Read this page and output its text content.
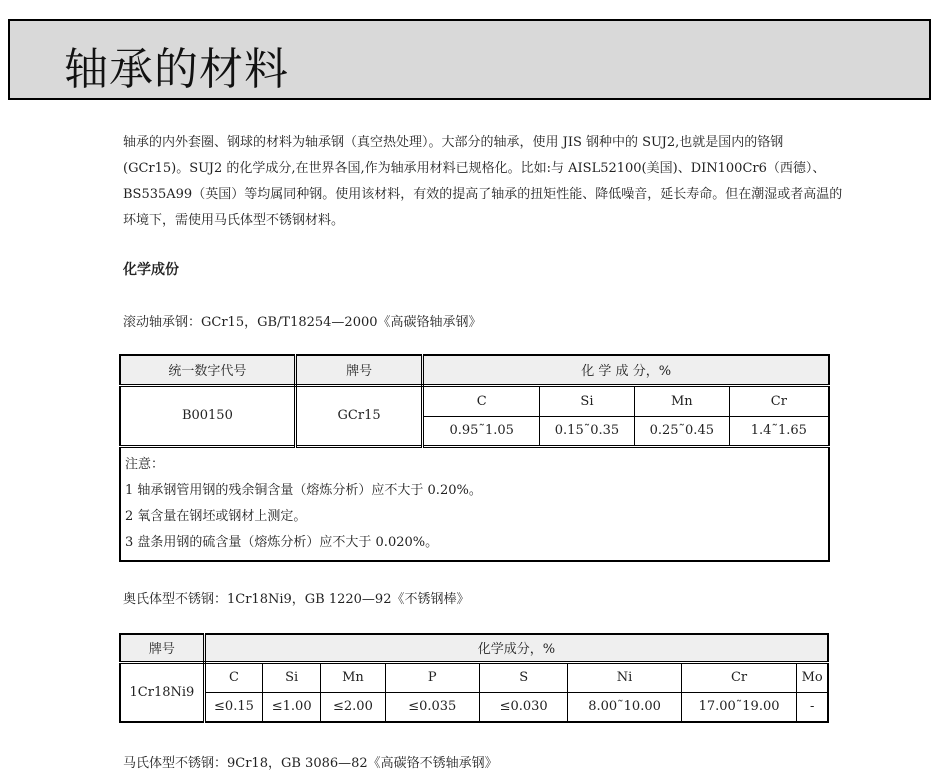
轴承的材料

轴承的内外套圈、钢球的材料为轴承钢（真空热处理）。大部分的轴承，使用 JIS 钢种中的 SUJ2,也就是国内的铬钢(GCr15)。SUJ2 的化学成分,在世界各国,作为轴承用材料已规格化。比如:与 AISL52100(美国)、DIN100Cr6（西德）、BS535A99（英国）等均属同种钢。使用该材料，有效的提高了轴承的扭矩性能、降低噪音，延长寿命。但在潮湿或者高温的环境下，需使用马氏体型不锈钢材料。

化学成份

滚动轴承钢：GCr15，GB/T18254—2000《高碳铬轴承钢》

统一数字代号	牌号	化 学 成 分，%			
B00150	GCr15	C	Si	Mn	Cr
		0.95˜1.05	0.15˜0.35	0.25˜0.45	1.4˜1.65

注意：
1 轴承钢管用钢的残余铜含量（熔炼分析）应不大于 0.20%。
2 氧含量在钢坯或钢材上测定。
3 盘条用钢的硫含量（熔炼分析）应不大于 0.020%。					

奥氏体型不锈钢：1Cr18Ni9，GB 1220—92《不锈钢棒》

牌号	化学成分，%							
1Cr18Ni9	C	Si	Mn	P	S	Ni	Cr	Mo
	≤0.15	≤1.00	≤2.00	≤0.035	≤0.030	8.00˜10.00	17.00˜19.00	-

马氏体型不锈钢：9Cr18，GB 3086—82《高碳铬不锈轴承钢》
